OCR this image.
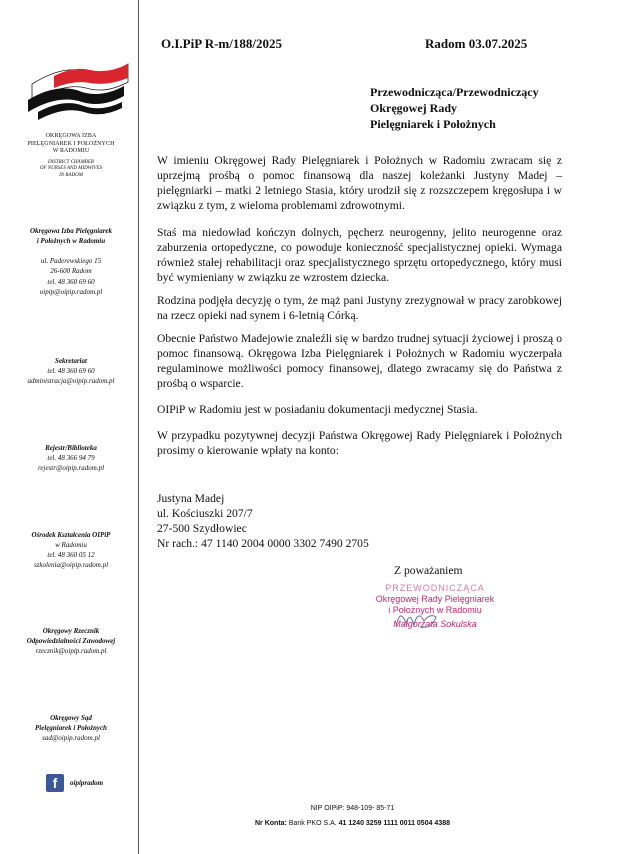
OKRĘGOWA IZBA
PIELĘGNIAREK I POŁOŻNYCH
W RADOMIU
DISTRICT CHAMBER
OF NURSES AND MIDWIVES
IN RADOM
Okręgowa Izba Pielęgniarek
i Położnych w Radomiu
ul. Paderewskiego 15
26-600 Radom
tel. 48 360 69 60
oipip@oipip.radom.pl
Sekretariat
tel. 48 360 69 60
administracja@oipip.radom.pl
Rejestr/Biblioteka
tel. 48 366 94 79
rejestr@oipip.radom.pl
Ośrodek Kształcenia OIPiP
w Radomiu
tel. 48 360 05 12
szkolenia@oipip.radom.pl
Okręgowy Rzecznik
Odpowiedzialności Zawodowej
rzecznik@oipip.radom.pl
Okręgowy Sąd
Pielęgniarek i Położnych
sad@oipip.radom.pl
f	oipipradom
O.I.PiP R-m/188/2025	Radom 03.07.2025
Przewodnicząca/Przewodniczący
Okręgowej Rady
Pielęgniarek i Położnych

W imieniu Okręgowej Rady Pielęgniarek i Położnych w Radomiu zwracam się z uprzejmą prośbą o pomoc finansową dla naszej koleżanki Justyny Madej – pielęgniarki – matki 2 letniego Stasia, który urodził się z rozszczepem kręgosłupa i w związku z tym, z wieloma problemami zdrowotnymi.

Staś ma niedowład kończyn dolnych, pęcherz neurogenny, jelito neurogenne oraz zaburzenia ortopedyczne, co powoduje konieczność specjalistycznej opieki. Wymaga również stałej rehabilitacji oraz specjalistycznego sprzętu ortopedycznego, który musi być wymieniany w związku ze wzrostem dziecka.

Rodzina podjęła decyzję o tym, że mąż pani Justyny zrezygnował w pracy zarobkowej na rzecz opieki nad synem i 6-letnią Córką.

Obecnie Państwo Madejowie znaleźli się w bardzo trudnej sytuacji życiowej i proszą o pomoc finansową. Okręgowa Izba Pielęgniarek i Położnych w Radomiu wyczerpała regulaminowe możliwości pomocy finansowej, dlatego zwracamy się do Państwa z prośbą o wsparcie.

OIPiP w Radomiu jest w posiadaniu dokumentacji medycznej Stasia.

W przypadku pozytywnej decyzji Państwa Okręgowej Rady Pielęgniarek i Położnych prosimy o kierowanie wpłaty na konto:

Justyna Madej
ul. Kościuszki 207/7
27-500 Szydłowiec
Nr rach.: 47 1140 2004 0000 3302 7490 2705
Z poważaniem
PRZEWODNICZĄCA
Okręgowej Rady Pielęgniarek
i Położnych w Radomiu
Małgorzata Sokulska
NIP OIPiP: 948-109- 85-71
Nr Konta: Bank PKO S.A. 41 1240 3259 1111 0011 0504 4388
